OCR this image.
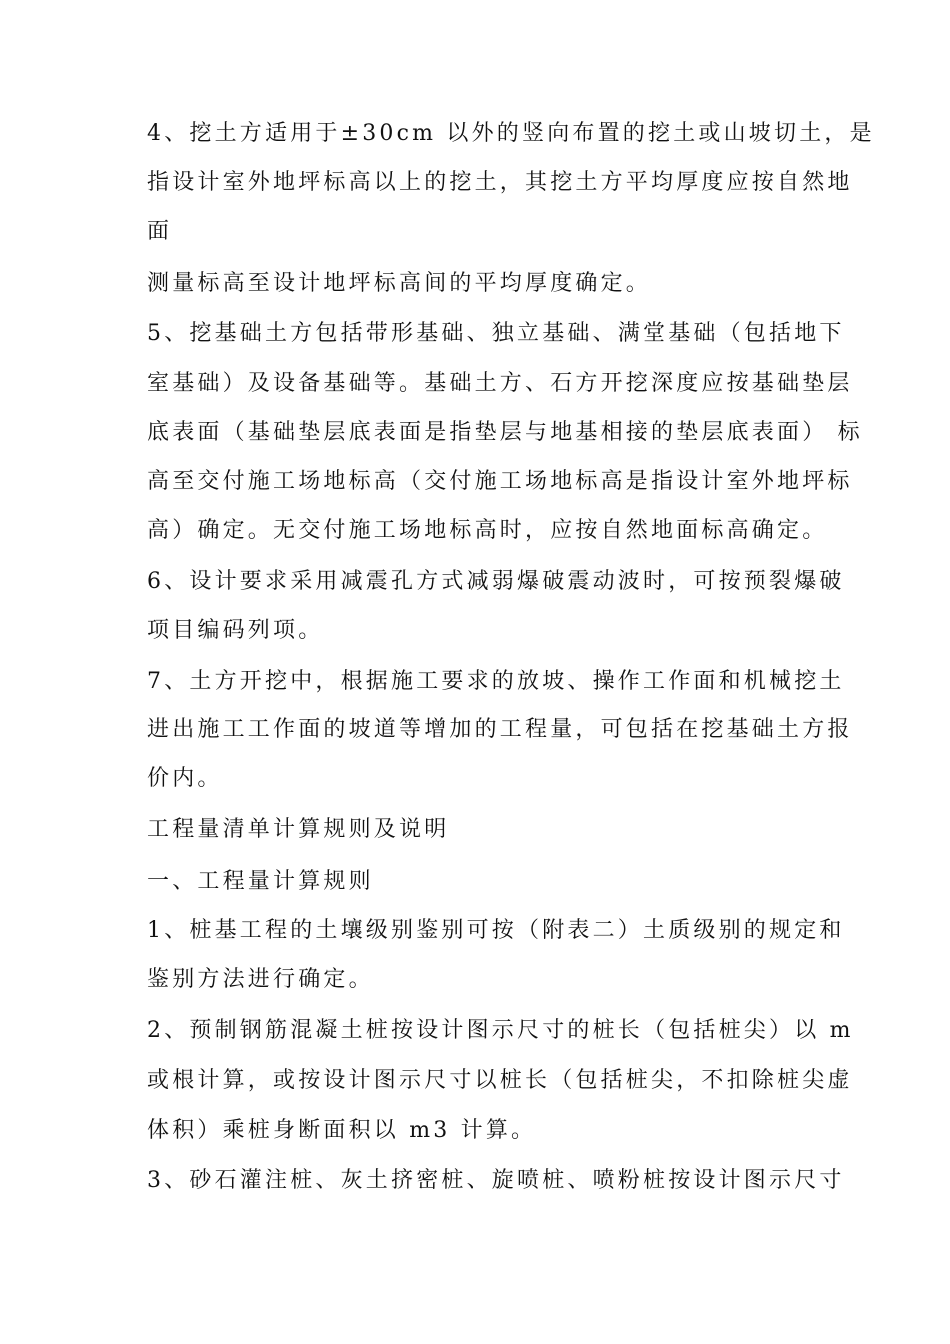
4、挖土方适用于±30cm 以外的竖向布置的挖土或山坡切土，是
指设计室外地坪标高以上的挖土，其挖土方平均厚度应按自然地
面
测量标高至设计地坪标高间的平均厚度确定。
5、挖基础土方包括带形基础、独立基础、满堂基础（包括地下
室基础）及设备基础等。基础土方、石方开挖深度应按基础垫层
底表面（基础垫层底表面是指垫层与地基相接的垫层底表面） 标
高至交付施工场地标高（交付施工场地标高是指设计室外地坪标
高）确定。无交付施工场地标高时，应按自然地面标高确定。
6、设计要求采用减震孔方式减弱爆破震动波时，可按预裂爆破
项目编码列项。
7、土方开挖中，根据施工要求的放坡、操作工作面和机械挖土
进出施工工作面的坡道等增加的工程量，可包括在挖基础土方报
价内。
工程量清单计算规则及说明
一、工程量计算规则
1、桩基工程的土壤级别鉴别可按（附表二）土质级别的规定和
鉴别方法进行确定。
2、预制钢筋混凝土桩按设计图示尺寸的桩长（包括桩尖）以 m
或根计算，或按设计图示尺寸以桩长（包括桩尖，不扣除桩尖虚
体积）乘桩身断面积以 m3 计算。
3、砂石灌注桩、灰土挤密桩、旋喷桩、喷粉桩按设计图示尺寸
